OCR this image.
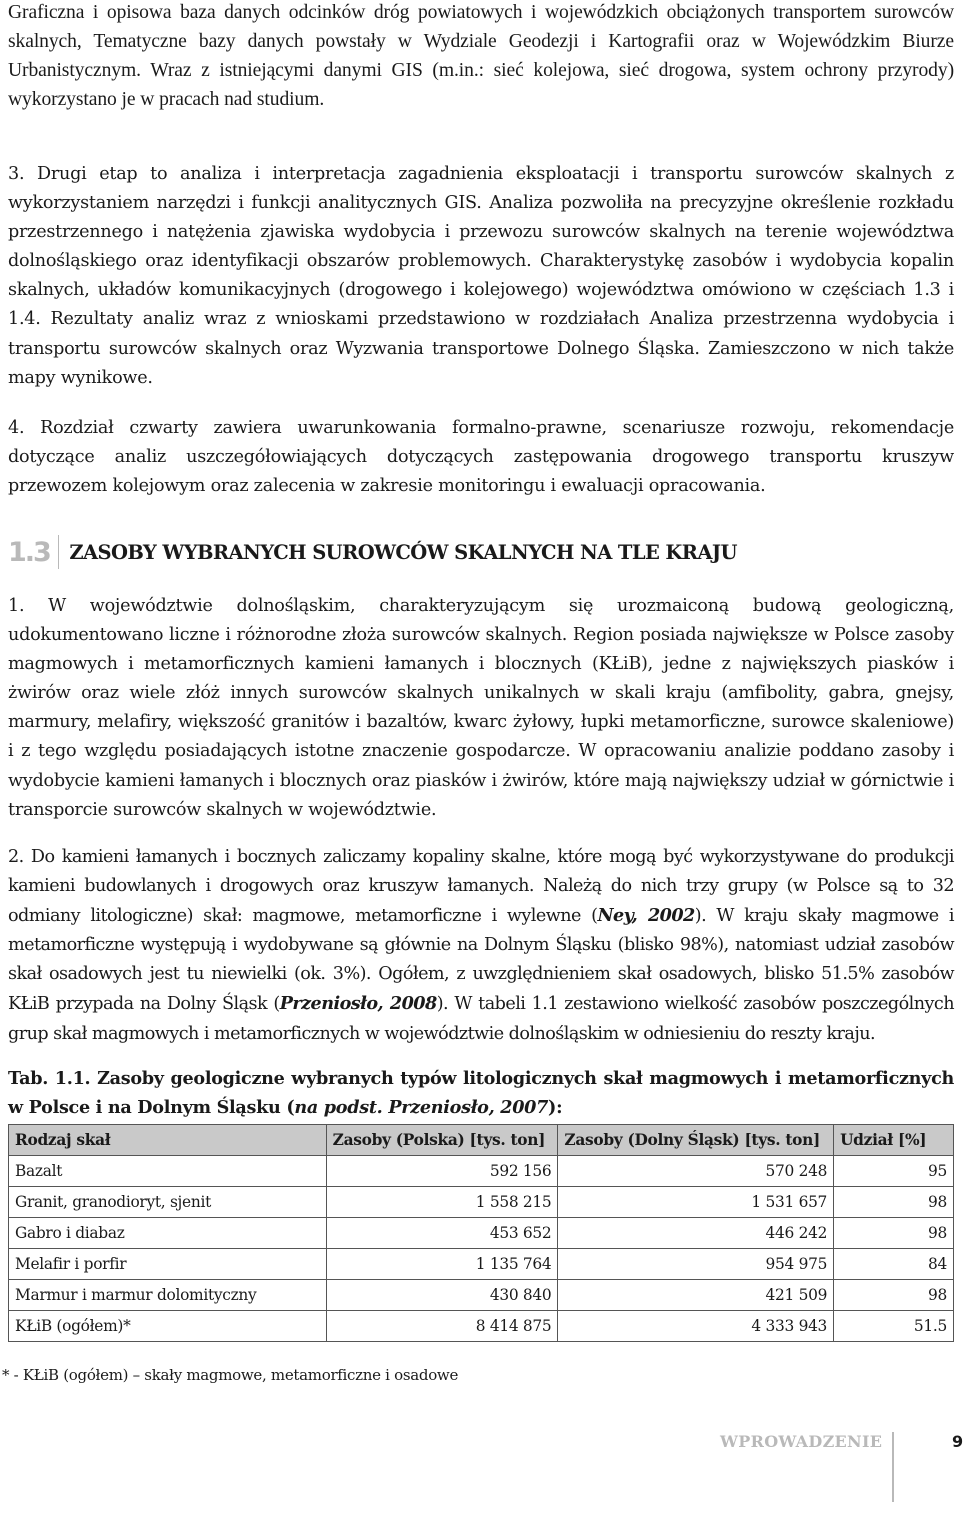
Graficzna i opisowa baza danych odcinków dróg powiatowych i wojewódzkich obciążonych transportem surowców skalnych, Tematyczne bazy danych powstały w Wydziale Geodezji i Kartografii oraz w Wojewódzkim Biurze Urbanistycznym. Wraz z istniejącymi danymi GIS (m.in.: sieć kolejowa, sieć drogowa, system ochrony przyrody) wykorzystano je w pracach nad studium.

3. Drugi etap to analiza i interpretacja zagadnienia eksploatacji i transportu surowców skalnych z wykorzystaniem narzędzi i funkcji analitycznych GIS. Analiza pozwoliła na precyzyjne określenie rozkładu przestrzennego i natężenia zjawiska wydobycia i przewozu surowców skalnych na terenie województwa dolnośląskiego oraz identyfikacji obszarów problemowych. Charakterystykę zasobów i wydobycia kopalin skalnych, układów komunikacyjnych (drogowego i kolejowego) województwa omówiono w częściach 1.3 i 1.4. Rezultaty analiz wraz z wnioskami przedstawiono w rozdziałach Analiza przestrzenna wydobycia i transportu surowców skalnych oraz Wyzwania transportowe Dolnego Śląska. Zamieszczono w nich także mapy wynikowe.

4. Rozdział czwarty zawiera uwarunkowania formalno-prawne, scenariusze rozwoju, rekomendacje dotyczące analiz uszczegółowiających dotyczących zastępowania drogowego transportu kruszyw przewozem kolejowym oraz zalecenia w zakresie monitoringu i ewaluacji opracowania.

1.3	ZASOBY WYBRANYCH SUROWCÓW SKALNYCH NA TLE KRAJU

1. W województwie dolnośląskim, charakteryzującym się urozmaiconą budową geologiczną, udokumentowano liczne i różnorodne złoża surowców skalnych. Region posiada największe w Polsce zasoby magmowych i metamorficznych kamieni łamanych i blocznych (KŁiB), jedne z największych piasków i żwirów oraz wiele złóż innych surowców skalnych unikalnych w skali kraju (amfibolity, gabra, gnejsy, marmury, melafiry, większość granitów i bazaltów, kwarc żyłowy, łupki metamorficzne, surowce skaleniowe) i z tego względu posiadających istotne znaczenie gospodarcze. W opracowaniu analizie poddano zasoby i wydobycie kamieni łamanych i blocznych oraz piasków i żwirów, które mają największy udział w górnictwie i transporcie surowców skalnych w województwie.

2. Do kamieni łamanych i bocznych zaliczamy kopaliny skalne, które mogą być wykorzystywane do produkcji kamieni budowlanych i drogowych oraz kruszyw łamanych. Należą do nich trzy grupy (w Polsce są to 32 odmiany litologiczne) skał: magmowe, metamorficzne i wylewne (Ney, 2002). W kraju skały magmowe i metamorficzne występują i wydobywane są głównie na Dolnym Śląsku (blisko 98%), natomiast udział zasobów skał osadowych jest tu niewielki (ok. 3%). Ogółem, z uwzględnieniem skał osadowych, blisko 51.5% zasobów KŁiB przypada na Dolny Śląsk (Przeniosło, 2008). W tabeli 1.1 zestawiono wielkość zasobów poszczególnych grup skał magmowych i metamorficznych w województwie dolnośląskim w odniesieniu do reszty kraju.

Tab. 1.1. Zasoby geologiczne wybranych typów litologicznych skał magmowych i metamorficznych w Polsce i na Dolnym Śląsku (na podst. Przeniosło, 2007):
Rodzaj skał	Zasoby (Polska) [tys. ton]	Zasoby (Dolny Śląsk) [tys. ton]	Udział [%]
Bazalt	592 156	570 248	95
Granit, granodioryt, sjenit	1 558 215	1 531 657	98
Gabro i diabaz	453 652	446 242	98
Melafir i porfir	1 135 764	954 975	84
Marmur i marmur dolomityczny	430 840	421 509	98
KŁiB (ogółem)*	8 414 875	4 333 943	51.5
* - KŁiB (ogółem) – skały magmowe, metamorficzne i osadowe
WPROWADZENIE	9
